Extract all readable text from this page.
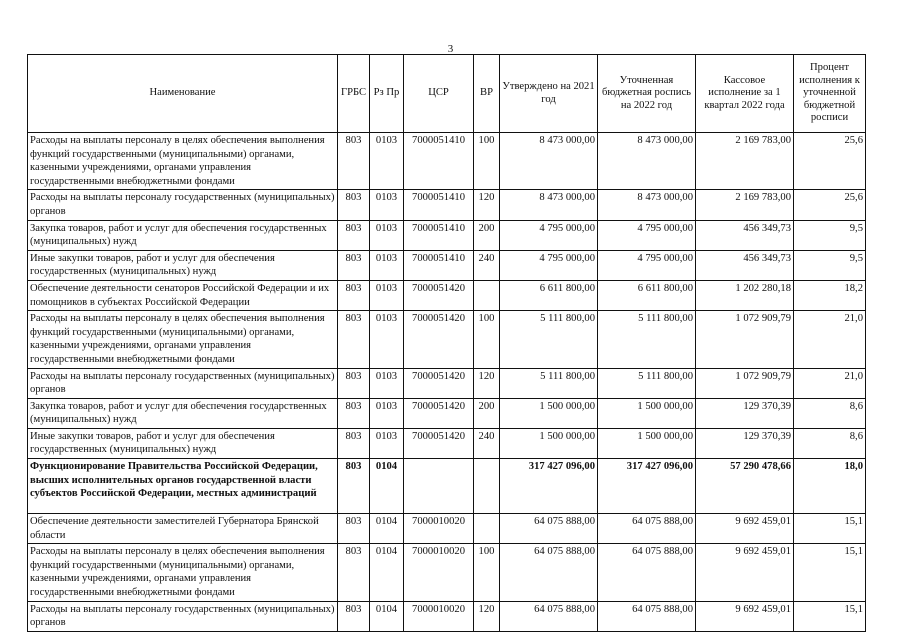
3
Наименование	ГРБС	Рз Пр	ЦСР	ВР	Утверждено на 2021 год	Уточненная бюджетная роспись на 2022 год	Кассовое исполнение за 1 квартал 2022 года	Процент исполнения к уточненной бюджетной росписи
Расходы на выплаты персоналу в целях обеспечения выполнения функций государственными (муниципальными) органами, казенными учреждениями, органами управления государственными внебюджетными фондами	803	0103	7000051410	100	8 473 000,00	8 473 000,00	2 169 783,00	25,6
Расходы на выплаты персоналу государственных (муниципальных) органов	803	0103	7000051410	120	8 473 000,00	8 473 000,00	2 169 783,00	25,6
Закупка товаров, работ и услуг для обеспечения государственных (муниципальных) нужд	803	0103	7000051410	200	4 795 000,00	4 795 000,00	456 349,73	9,5
Иные закупки товаров, работ и услуг для обеспечения государственных (муниципальных) нужд	803	0103	7000051410	240	4 795 000,00	4 795 000,00	456 349,73	9,5
Обеспечение деятельности сенаторов Российской Федерации и их помощников в субъектах Российской Федерации	803	0103	7000051420		6 611 800,00	6 611 800,00	1 202 280,18	18,2
Расходы на выплаты персоналу в целях обеспечения выполнения функций государственными (муниципальными) органами, казенными учреждениями, органами управления государственными внебюджетными фондами	803	0103	7000051420	100	5 111 800,00	5 111 800,00	1 072 909,79	21,0
Расходы на выплаты персоналу государственных (муниципальных) органов	803	0103	7000051420	120	5 111 800,00	5 111 800,00	1 072 909,79	21,0
Закупка товаров, работ и услуг для обеспечения государственных (муниципальных) нужд	803	0103	7000051420	200	1 500 000,00	1 500 000,00	129 370,39	8,6
Иные закупки товаров, работ и услуг для обеспечения государственных (муниципальных) нужд	803	0103	7000051420	240	1 500 000,00	1 500 000,00	129 370,39	8,6
Функционирование Правительства Российской Федерации, высших исполнительных органов государственной власти субъектов Российской Федерации, местных администраций	803	0104			317 427 096,00	317 427 096,00	57 290 478,66	18,0
Обеспечение деятельности заместителей Губернатора Брянской области	803	0104	7000010020		64 075 888,00	64 075 888,00	9 692 459,01	15,1
Расходы на выплаты персоналу в целях обеспечения выполнения функций государственными (муниципальными) органами, казенными учреждениями, органами управления государственными внебюджетными фондами	803	0104	7000010020	100	64 075 888,00	64 075 888,00	9 692 459,01	15,1
Расходы на выплаты персоналу государственных (муниципальных) органов	803	0104	7000010020	120	64 075 888,00	64 075 888,00	9 692 459,01	15,1
